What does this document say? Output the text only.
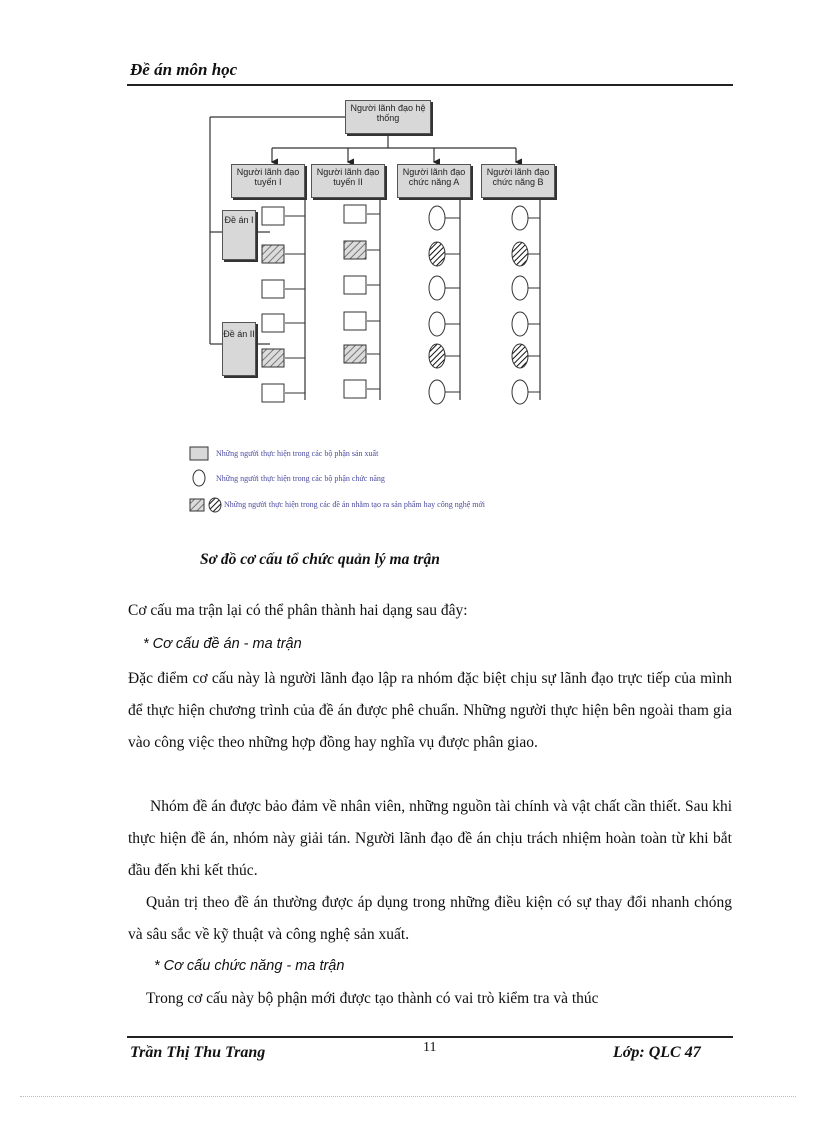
Đề án môn học
Người lãnh đạo hệ thống
Người lãnh đạo tuyến I
Người lãnh đạo tuyến II
Người lãnh đạo chức năng A
Người lãnh đạo chức năng B
Đề án I
Đề án II
Những người thực hiện trong các bộ phận sản xuất
Những người thực hiện trong các bộ phận chức năng
Những người thực hiện trong các đề án nhằm tạo ra sản phẩm hay công nghệ mới
Sơ đồ cơ cấu tổ chức quản lý ma trận
Cơ cấu ma trận lại có thể phân thành hai dạng sau đây:
* Cơ cấu đề án - ma trận

Đặc điểm cơ cấu này là người lãnh đạo lập ra nhóm đặc biệt chịu sự lãnh đạo trực tiếp của mình để thực hiện chương trình của đề án được phê chuẩn. Những người thực hiện bên ngoài tham gia vào công việc theo những hợp đồng hay nghĩa vụ được phân giao.

Nhóm đề án được bảo đảm về nhân viên, những nguồn tài chính và vật chất cần thiết. Sau khi thực hiện đề án, nhóm này giải tán. Người lãnh đạo đề án chịu trách nhiệm hoàn toàn từ khi bắt đầu đến khi kết thúc.

Quản trị theo đề án thường được áp dụng trong những điều kiện có sự thay đổi nhanh chóng và sâu sắc về kỹ thuật và công nghệ sản xuất.

* Cơ cấu chức năng - ma trận

Trong cơ cấu này bộ phận mới được tạo thành có vai trò kiểm tra và thúc

Trần Thị Thu Trang	11	Lớp: QLC 47
